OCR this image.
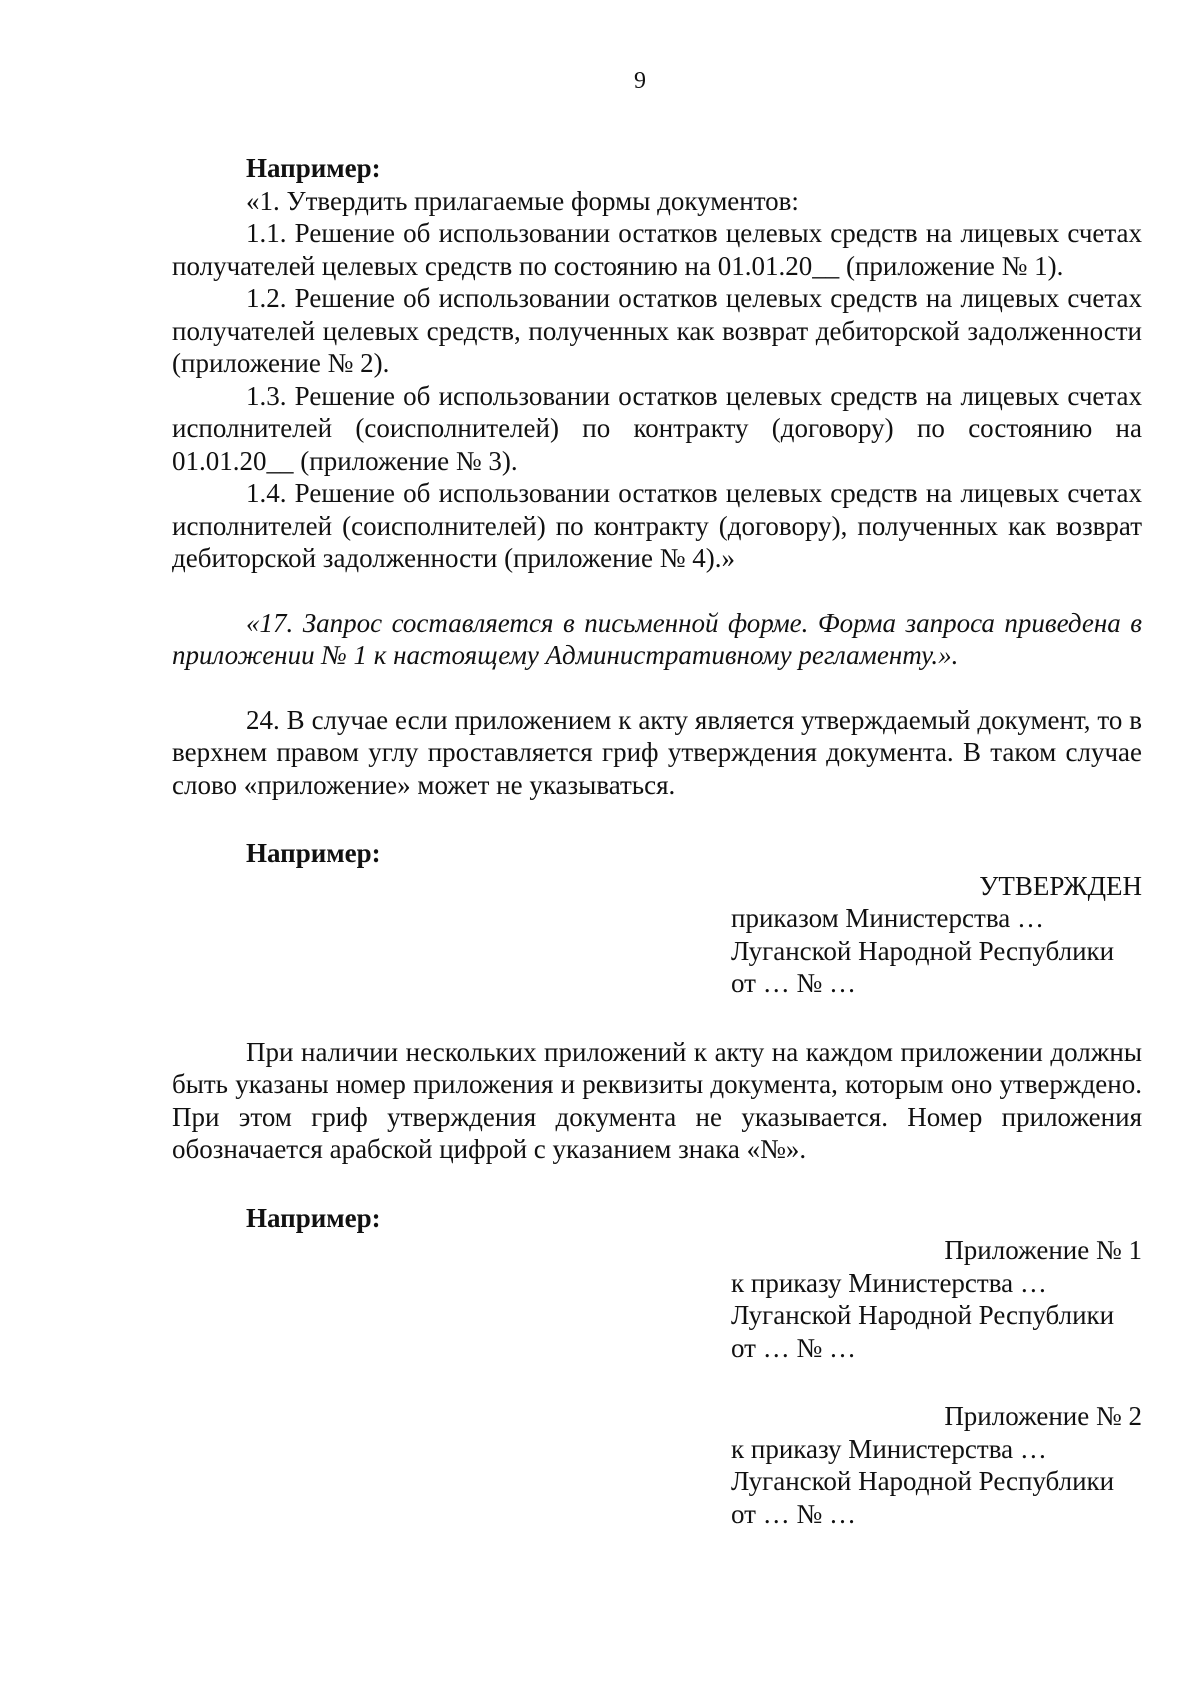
9

Например:

«1. Утвердить прилагаемые формы документов:

1.1. Решение об использовании остатков целевых средств на лицевых счетах получателей целевых средств по состоянию на 01.01.20__ (приложение № 1).

1.2. Решение об использовании остатков целевых средств на лицевых счетах получателей целевых средств, полученных как возврат дебиторской задолженности (приложение № 2).

1.3. Решение об использовании остатков целевых средств на лицевых счетах исполнителей (соисполнителей) по контракту (договору) по состоянию на 01.01.20__ (приложение № 3).

1.4. Решение об использовании остатков целевых средств на лицевых счетах исполнителей (соисполнителей) по контракту (договору), полученных как возврат дебиторской задолженности (приложение № 4).»

«17. Запрос составляется в письменной форме. Форма запроса приведена в приложении № 1 к настоящему Административному регламенту.».

24. В случае если приложением к акту является утверждаемый документ, то в верхнем правом углу проставляется гриф утверждения документа. В таком случае слово «приложение» может не указываться.

Например:

УТВЕРЖДЕН

приказом Министерства …

Луганской Народной Республики

от … № …

При наличии нескольких приложений к акту на каждом приложении должны быть указаны номер приложения и реквизиты документа, которым оно утверждено. При этом гриф утверждения документа не указывается. Номер приложения обозначается арабской цифрой с указанием знака «№».

Например:

Приложение № 1

к приказу Министерства …

Луганской Народной Республики

от … № …

Приложение № 2

к приказу Министерства …

Луганской Народной Республики

от … № …
